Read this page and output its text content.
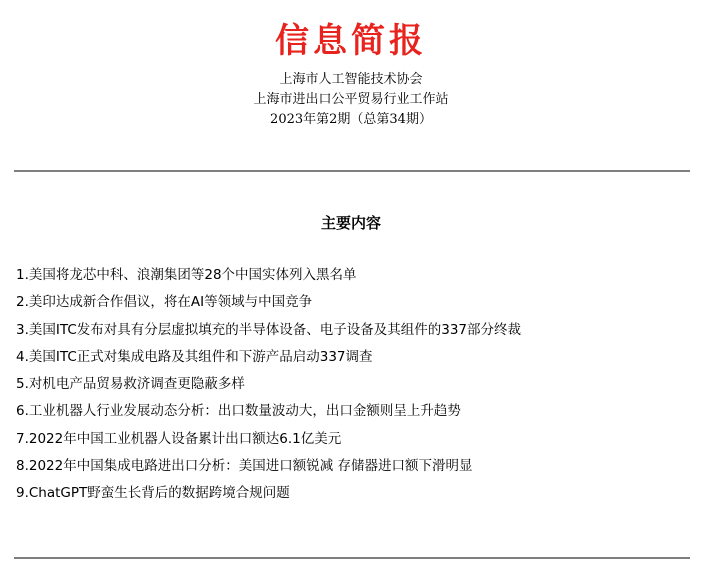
信息简报

上海市人工智能技术协会

上海市进出口公平贸易行业工作站

2023年第2期（总第34期）

主要内容
1.美国将龙芯中科、浪潮集团等28个中国实体列入黑名单
2.美印达成新合作倡议，将在AI等领域与中国竞争
3.美国ITC发布对具有分层虚拟填充的半导体设备、电子设备及其组件的337部分终裁
4.美国ITC正式对集成电路及其组件和下游产品启动337调查
5.对机电产品贸易救济调查更隐蔽多样
6.工业机器人行业发展动态分析：出口数量波动大，出口金额则呈上升趋势
7.2022年中国工业机器人设备累计出口额达6.1亿美元
8.2022年中国集成电路进出口分析：美国进口额锐减 存储器进口额下滑明显
9.ChatGPT野蛮生长背后的数据跨境合规问题
